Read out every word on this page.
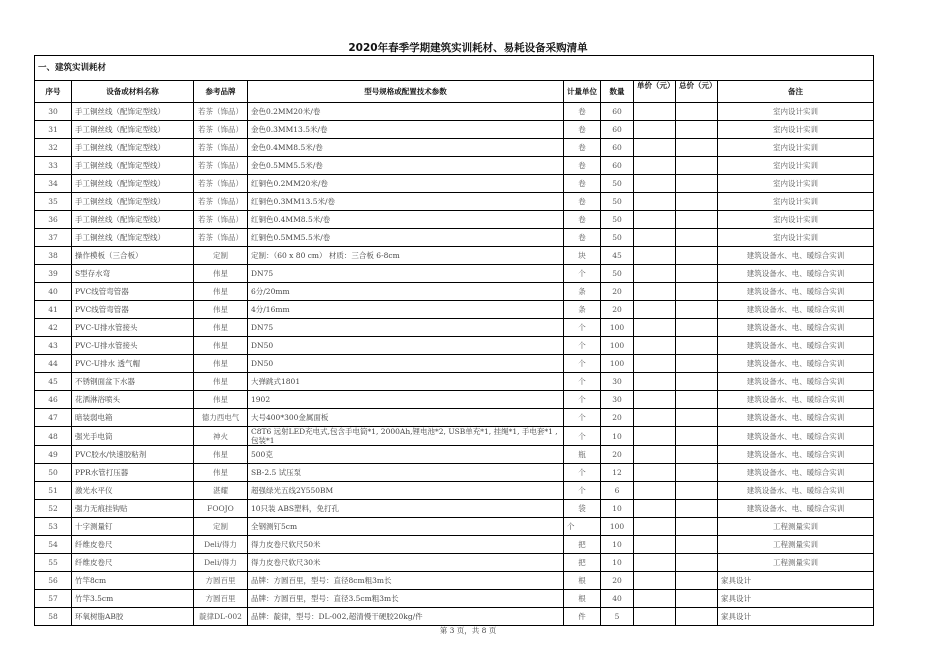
2020年春季学期建筑实训耗材、易耗设备采购清单
一、建筑实训耗材								
序号	设备或材料名称	参考品牌	型号规格或配置技术参数	计量单位	数量	单价（元）	总价（元）	备注
30	手工铜丝线（配饰定型线）	若茶（饰品）	金色0.2MM20米/卷	卷	60			室内设计实训
31	手工铜丝线（配饰定型线）	若茶（饰品）	金色0.3MM13.5米/卷	卷	60			室内设计实训
32	手工铜丝线（配饰定型线）	若茶（饰品）	金色0.4MM8.5米/卷	卷	60			室内设计实训
33	手工铜丝线（配饰定型线）	若茶（饰品）	金色0.5MM5.5米/卷	卷	60			室内设计实训
34	手工铜丝线（配饰定型线）	若茶（饰品）	红铜色0.2MM20米/卷	卷	50			室内设计实训
35	手工铜丝线（配饰定型线）	若茶（饰品）	红铜色0.3MM13.5米/卷	卷	50			室内设计实训
36	手工铜丝线（配饰定型线）	若茶（饰品）	红铜色0.4MM8.5米/卷	卷	50			室内设计实训
37	手工铜丝线（配饰定型线）	若茶（饰品）	红铜色0.5MM5.5米/卷	卷	50			室内设计实训
38	操作模板（三合板）	定制	定制：（60 x 80 cm） 材质：三合板 6-8cm	块	45			建筑设备水、电、暖综合实训
39	S型存水弯	伟星	DN75	个	50			建筑设备水、电、暖综合实训
40	PVC线管弯管器	伟星	6分/20mm	条	20			建筑设备水、电、暖综合实训
41	PVC线管弯管器	伟星	4分/16mm	条	20			建筑设备水、电、暖综合实训
42	PVC-U排水管接头	伟星	DN75	个	100			建筑设备水、电、暖综合实训
43	PVC-U排水管接头	伟星	DN50	个	100			建筑设备水、电、暖综合实训
44	PVC-U排水 透气帽	伟星	DN50	个	100			建筑设备水、电、暖综合实训
45	不锈钢面盆下水器	伟星	大弹跳式1801	个	30			建筑设备水、电、暖综合实训
46	花洒淋浴喷头	伟星	1902	个	30			建筑设备水、电、暖综合实训
47	暗装弱电箱	德力西电气	大号400*300金属面板	个	20			建筑设备水、电、暖综合实训
48	强光手电筒	神火	C8T6 远射LED充电式,包含手电筒*1, 2000Ah,锂电池*2, USB单充*1, 挂绳*1, 手电套*1 , 包装*1	个	10			建筑设备水、电、暖综合实训
49	PVC胶水/快速胶粘剂	伟星	500克	瓶	20			建筑设备水、电、暖综合实训
50	PPR水管打压器	伟星	SB-2.5 试压泵	个	12			建筑设备水、电、暖综合实训
51	激光水平仪	湛耀	超强绿光五线2Y550BM	个	6			建筑设备水、电、暖综合实训
52	强力无痕挂钩贴	FOOJO	10只装 ABS塑料，免打孔	袋	10			建筑设备水、电、暖综合实训
53	十字测量钉	定制	全钢测钉5cm	个	100			工程测量实训
54	纤维皮卷尺	Deli/得力	得力皮卷尺软尺50米	把	10			工程测量实训
55	纤维皮卷尺	Deli/得力	得力皮卷尺软尺30米	把	10			工程测量实训
56	竹竿8cm	方圆百里	品牌：方圆百里，型号：直径8cm粗3m长	根	20			家具设计
57	竹竿3.5cm	方圆百里	品牌：方圆百里，型号：直径3.5cm粗3m长	根	40			家具设计
58	环氧树脂AB胶	靛律DL-002	品牌：靛律，型号：DL-002,超清慢干硬胶20kg/件	件	5			家具设计
第 3 页，共 8 页
